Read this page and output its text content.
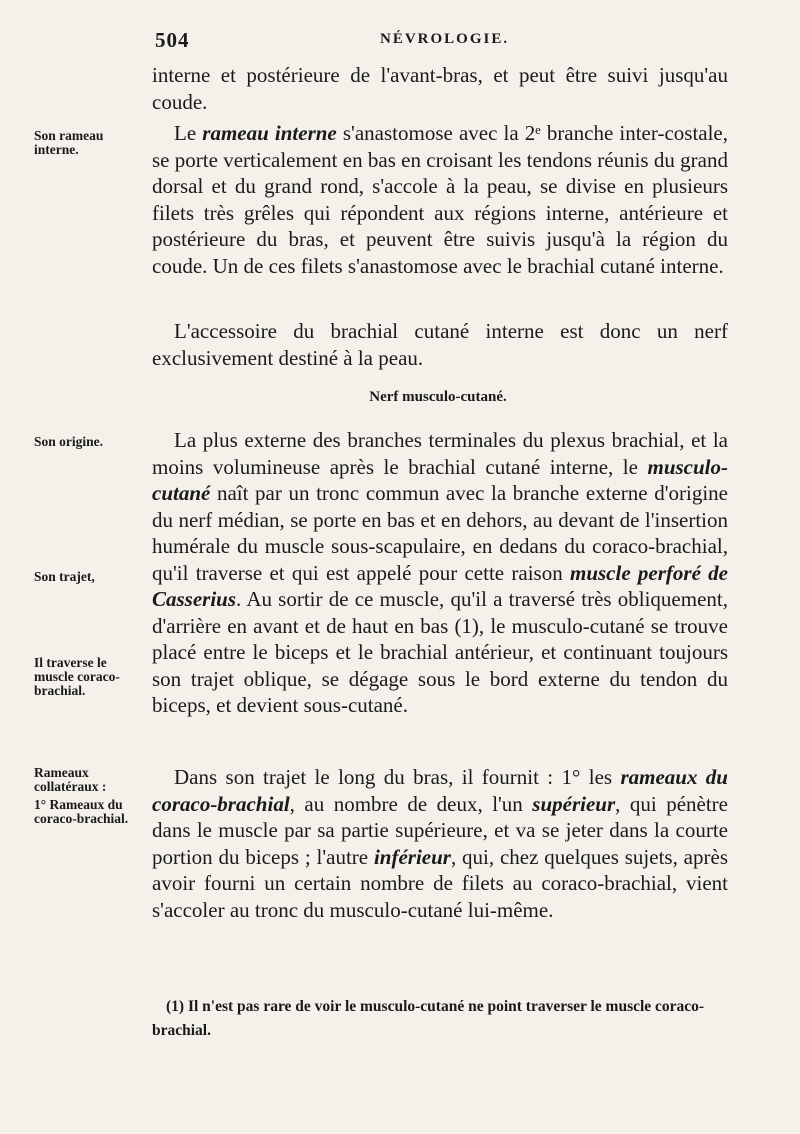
504	NÉVROLOGIE.

interne et postérieure de l'avant-bras, et peut être suivi jusqu'au coude.

Son rameau interne.

Le rameau interne s'anastomose avec la 2ᵉ branche inter-costale, se porte verticalement en bas en croisant les tendons réunis du grand dorsal et du grand rond, s'accole à la peau, se divise en plusieurs filets très grêles qui répondent aux régions interne, antérieure et postérieure du bras, et peuvent être suivis jusqu'à la région du coude. Un de ces filets s'anastomose avec le brachial cutané interne.

L'accessoire du brachial cutané interne est donc un nerf exclusivement destiné à la peau.

Nerf musculo-cutané.

Son origine.

Son trajet,

Il traverse le muscle coraco-brachial.

La plus externe des branches terminales du plexus brachial, et la moins volumineuse après le brachial cutané interne, le musculo-cutané naît par un tronc commun avec la branche externe d'origine du nerf médian, se porte en bas et en dehors, au devant de l'insertion humérale du muscle sous-scapulaire, en dedans du coraco-brachial, qu'il traverse et qui est appelé pour cette raison muscle perforé de Casserius. Au sortir de ce muscle, qu'il a traversé très obliquement, d'arrière en avant et de haut en bas (1), le musculo-cutané se trouve placé entre le biceps et le brachial antérieur, et continuant toujours son trajet oblique, se dégage sous le bord externe du tendon du biceps, et devient sous-cutané.

Rameaux collatéraux :

1° Rameaux du coraco-brachial.

Dans son trajet le long du bras, il fournit : 1° les rameaux du coraco-brachial, au nombre de deux, l'un supérieur, qui pénètre dans le muscle par sa partie supérieure, et va se jeter dans la courte portion du biceps ; l'autre inférieur, qui, chez quelques sujets, après avoir fourni un certain nombre de filets au coraco-brachial, vient s'accoler au tronc du musculo-cutané lui-même.

(1) Il n'est pas rare de voir le musculo-cutané ne point traverser le muscle coraco-brachial.
